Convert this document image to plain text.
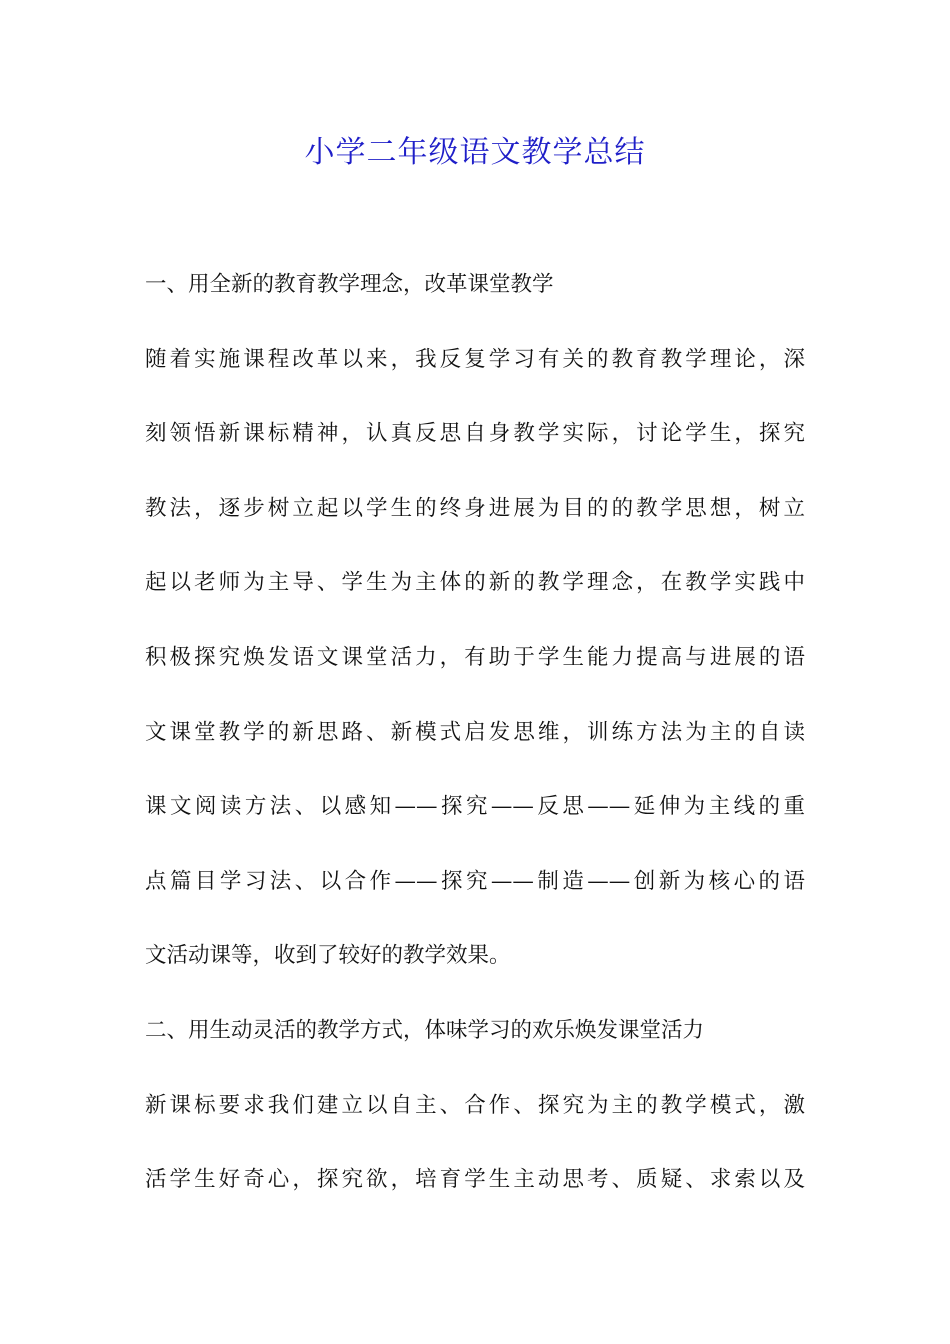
小学二年级语文教学总结
一、用全新的教育教学理念，改革课堂教学
随着实施课程改革以来，我反复学习有关的教育教学理论，深
刻领悟新课标精神，认真反思自身教学实际，讨论学生，探究
教法，逐步树立起以学生的终身进展为目的的教学思想，树立
起以老师为主导、学生为主体的新的教学理念，在教学实践中
积极探究焕发语文课堂活力，有助于学生能力提高与进展的语
文课堂教学的新思路、新模式启发思维，训练方法为主的自读
课文阅读方法、以感知——探究——反思——延伸为主线的重
点篇目学习法、以合作——探究——制造——创新为核心的语
文活动课等，收到了较好的教学效果。
二、用生动灵活的教学方式，体味学习的欢乐焕发课堂活力
新课标要求我们建立以自主、合作、探究为主的教学模式，激
活学生好奇心，探究欲，培育学生主动思考、质疑、求索以及
